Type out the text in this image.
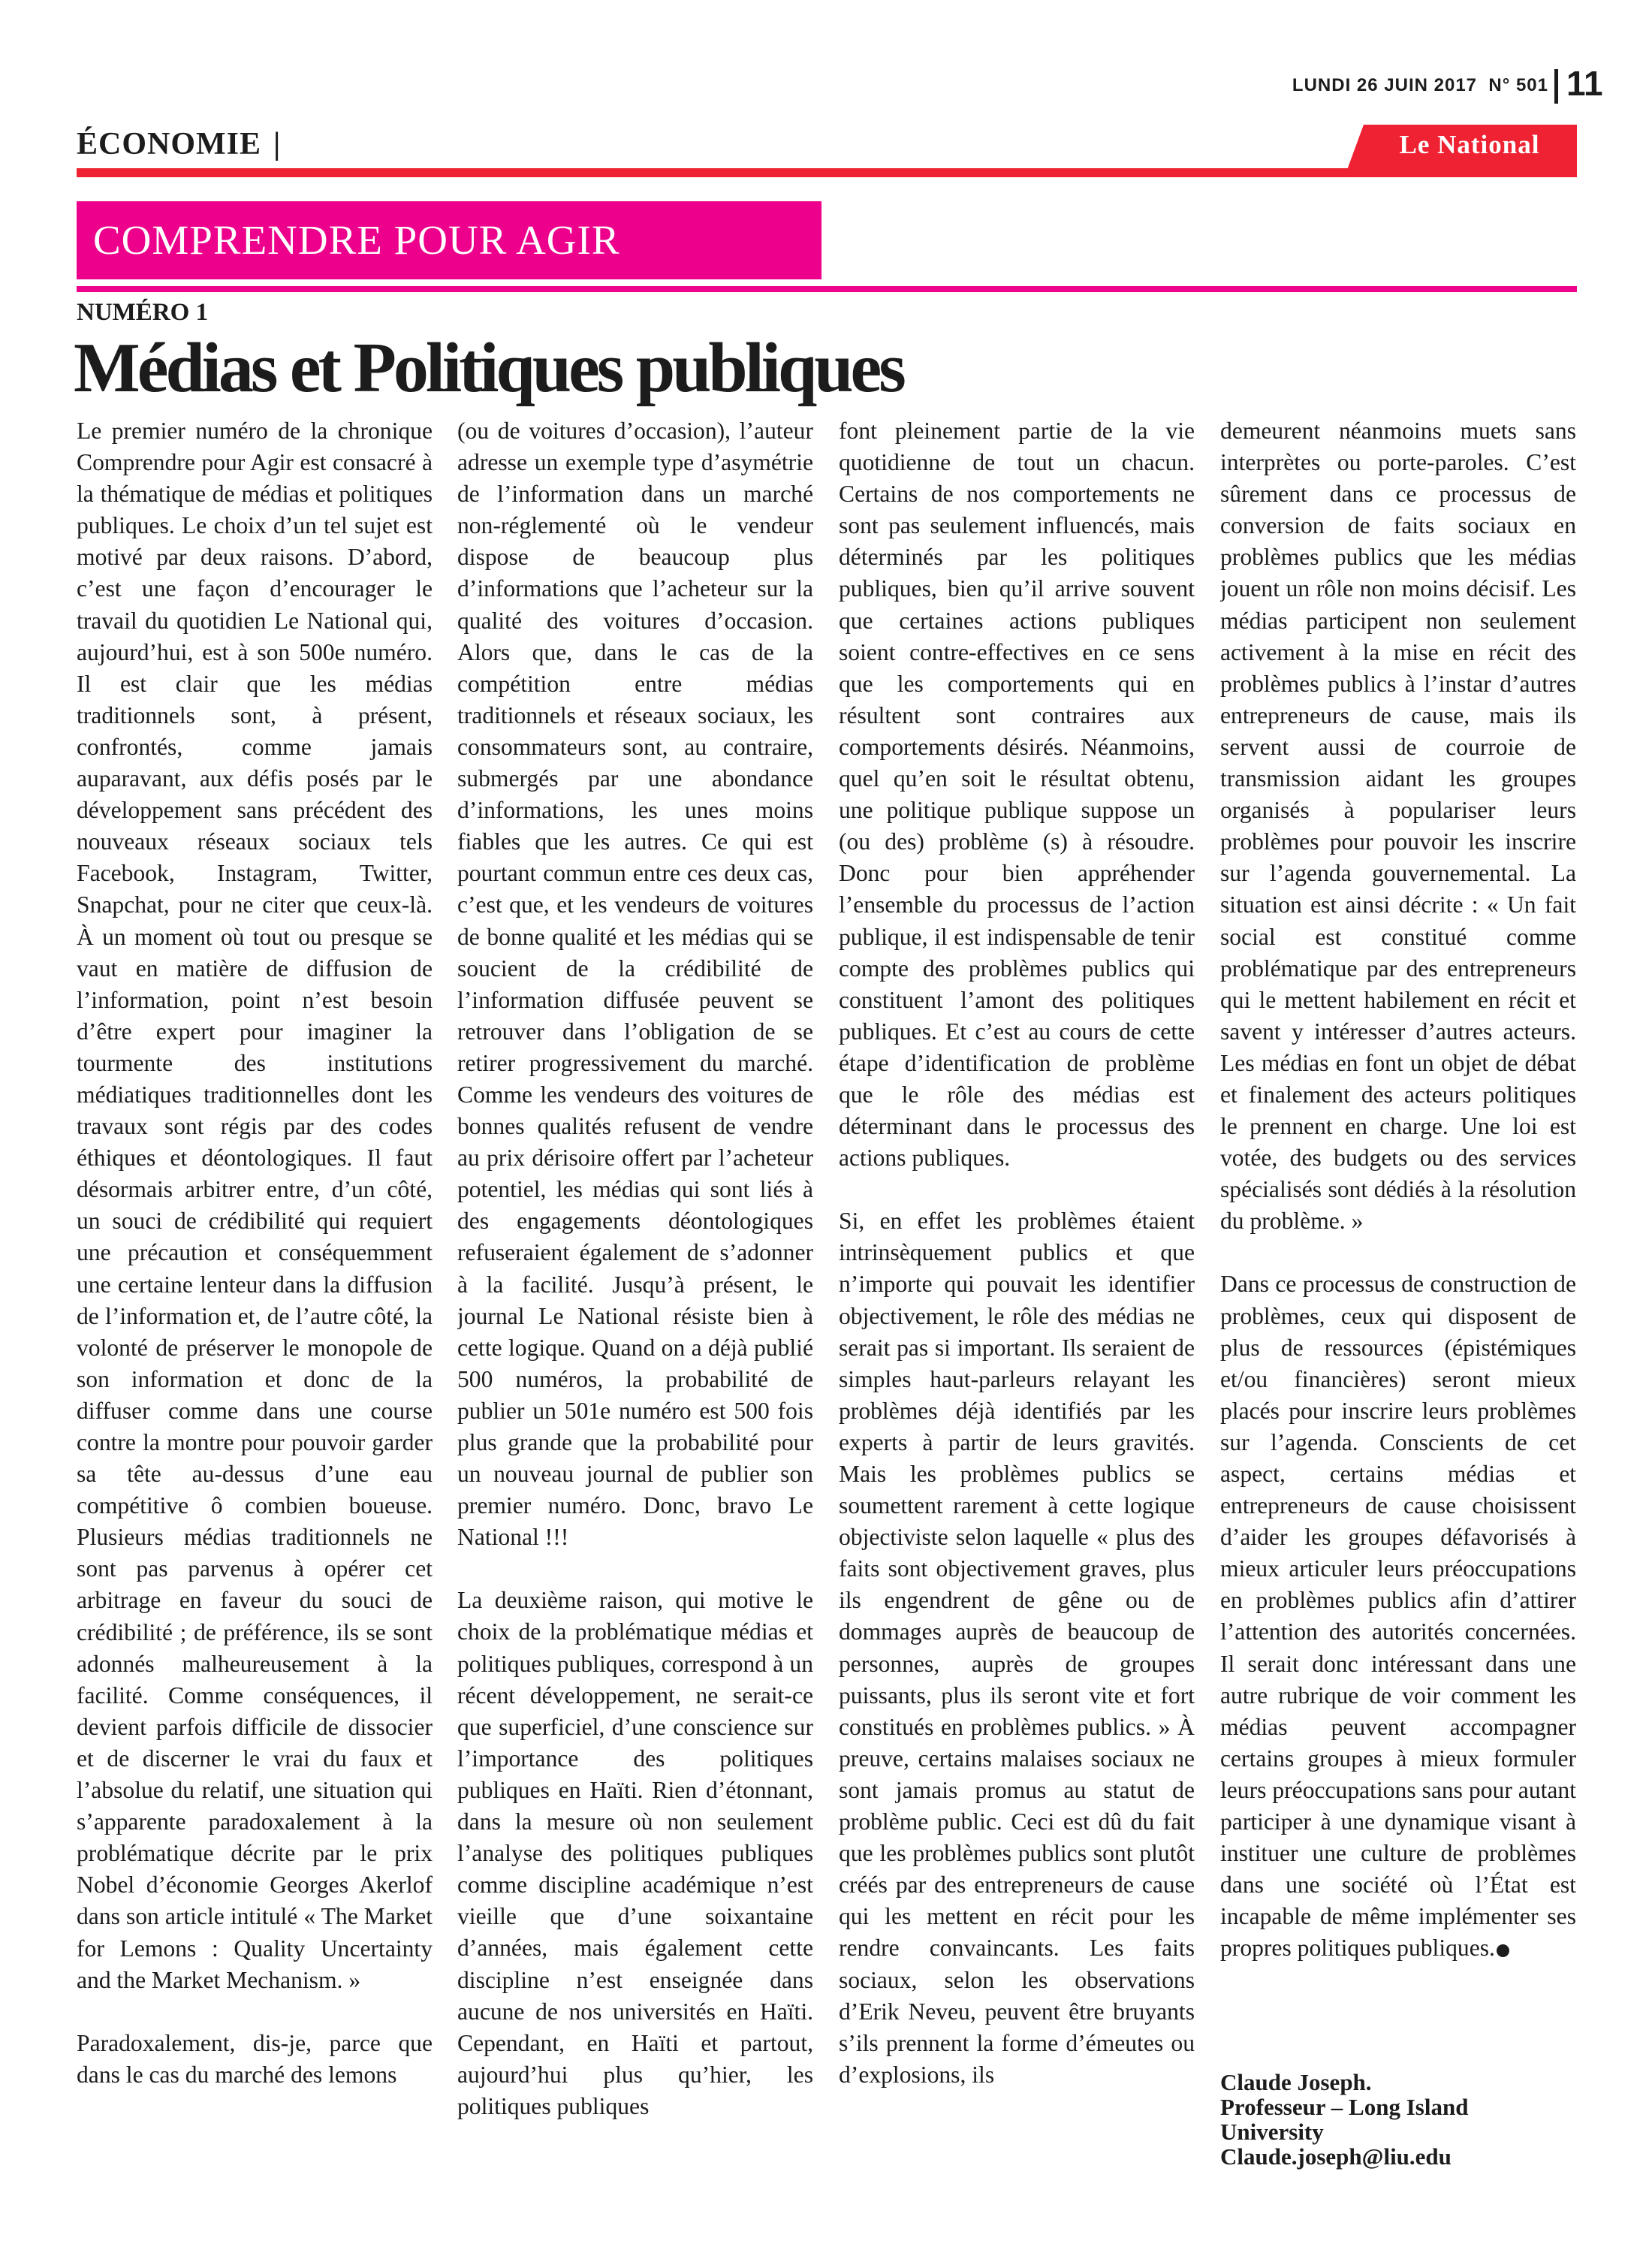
LUNDI 26 JUIN 2017 N° 501 11
ÉCONOMIE |	Le National
COMPRENDRE POUR AGIR
NUMÉRO 1
Médias et Politiques publiques

Le premier numéro de la chronique Comprendre pour Agir est consacré à la thématique de médias et politiques publiques. Le choix d’un tel sujet est motivé par deux raisons. D’abord, c’est une façon d’encourager le travail du quotidien Le National qui, aujourd’hui, est à son 500e numéro. Il est clair que les médias traditionnels sont, à présent, confrontés, comme jamais auparavant, aux défis posés par le développement sans précédent des nouveaux réseaux sociaux tels Facebook, Instagram, Twitter, Snapchat, pour ne citer que ceux-là. À un moment où tout ou presque se vaut en matière de diffusion de l’information, point n’est besoin d’être expert pour imaginer la tourmente des institutions médiatiques traditionnelles dont les travaux sont régis par des codes éthiques et déontologiques. Il faut désormais arbitrer entre, d’un côté, un souci de crédibilité qui requiert une précaution et conséquemment une certaine lenteur dans la diffusion de l’information et, de l’autre côté, la volonté de préserver le monopole de son information et donc de la diffuser comme dans une course contre la montre pour pouvoir garder sa tête au-dessus d’une eau compétitive ô combien boueuse. Plusieurs médias traditionnels ne sont pas parvenus à opérer cet arbitrage en faveur du souci de crédibilité ; de préférence, ils se sont adonnés malheureusement à la facilité. Comme conséquences, il devient parfois difficile de dissocier et de discerner le vrai du faux et l’absolue du relatif, une situation qui s’apparente paradoxalement à la problématique décrite par le prix Nobel d’économie Georges Akerlof dans son article intitulé « The Market for Lemons : Quality Uncertainty and the Market Mechanism. »

Paradoxalement, dis-je, parce que dans le cas du marché des lemons

(ou de voitures d’occasion), l’auteur adresse un exemple type d’asymétrie de l’information dans un marché non-réglementé où le vendeur dispose de beaucoup plus d’informations que l’acheteur sur la qualité des voitures d’occasion. Alors que, dans le cas de la compétition entre médias traditionnels et réseaux sociaux, les consommateurs sont, au contraire, submergés par une abondance d’informations, les unes moins fiables que les autres. Ce qui est pourtant commun entre ces deux cas, c’est que, et les vendeurs de voitures de bonne qualité et les médias qui se soucient de la crédibilité de l’information diffusée peuvent se retrouver dans l’obligation de se retirer progressivement du marché. Comme les vendeurs des voitures de bonnes qualités refusent de vendre au prix dérisoire offert par l’acheteur potentiel, les médias qui sont liés à des engagements déontologiques refuseraient également de s’adonner à la facilité. Jusqu’à présent, le journal Le National résiste bien à cette logique. Quand on a déjà publié 500 numéros, la probabilité de publier un 501e numéro est 500 fois plus grande que la probabilité pour un nouveau journal de publier son premier numéro. Donc, bravo Le National !!!

La deuxième raison, qui motive le choix de la problématique médias et politiques publiques, correspond à un récent développement, ne serait-ce que superficiel, d’une conscience sur l’importance des politiques publiques en Haïti. Rien d’étonnant, dans la mesure où non seulement l’analyse des politiques publiques comme discipline académique n’est vieille que d’une soixantaine d’années, mais également cette discipline n’est enseignée dans aucune de nos universités en Haïti. Cependant, en Haïti et partout, aujourd’hui plus qu’hier, les politiques publiques

font pleinement partie de la vie quotidienne de tout un chacun. Certains de nos comportements ne sont pas seulement influencés, mais déterminés par les politiques publiques, bien qu’il arrive souvent que certaines actions publiques soient contre-effectives en ce sens que les comportements qui en résultent sont contraires aux comportements désirés. Néanmoins, quel qu’en soit le résultat obtenu, une politique publique suppose un (ou des) problème (s) à résoudre. Donc pour bien appréhender l’ensemble du processus de l’action publique, il est indispensable de tenir compte des problèmes publics qui constituent l’amont des politiques publiques. Et c’est au cours de cette étape d’identification de problème que le rôle des médias est déterminant dans le processus des actions publiques.

Si, en effet les problèmes étaient intrinsèquement publics et que n’importe qui pouvait les identifier objectivement, le rôle des médias ne serait pas si important. Ils seraient de simples haut-parleurs relayant les problèmes déjà identifiés par les experts à partir de leurs gravités. Mais les problèmes publics se soumettent rarement à cette logique objectiviste selon laquelle « plus des faits sont objectivement graves, plus ils engendrent de gêne ou de dommages auprès de beaucoup de personnes, auprès de groupes puissants, plus ils seront vite et fort constitués en problèmes publics. » À preuve, certains malaises sociaux ne sont jamais promus au statut de problème public. Ceci est dû du fait que les problèmes publics sont plutôt créés par des entrepreneurs de cause qui les mettent en récit pour les rendre convaincants. Les faits sociaux, selon les observations d’Erik Neveu, peuvent être bruyants s’ils prennent la forme d’émeutes ou d’explosions, ils

demeurent néanmoins muets sans interprètes ou porte-paroles. C’est sûrement dans ce processus de conversion de faits sociaux en problèmes publics que les médias jouent un rôle non moins décisif. Les médias participent non seulement activement à la mise en récit des problèmes publics à l’instar d’autres entrepreneurs de cause, mais ils servent aussi de courroie de transmission aidant les groupes organisés à populariser leurs problèmes pour pouvoir les inscrire sur l’agenda gouvernemental. La situation est ainsi décrite : « Un fait social est constitué comme problématique par des entrepreneurs qui le mettent habilement en récit et savent y intéresser d’autres acteurs. Les médias en font un objet de débat et finalement des acteurs politiques le prennent en charge. Une loi est votée, des budgets ou des services spécialisés sont dédiés à la résolution du problème. »

Dans ce processus de construction de problèmes, ceux qui disposent de plus de ressources (épistémiques et/ou financières) seront mieux placés pour inscrire leurs problèmes sur l’agenda. Conscients de cet aspect, certains médias et entrepreneurs de cause choisissent d’aider les groupes défavorisés à mieux articuler leurs préoccupations en problèmes publics afin d’attirer l’attention des autorités concernées. Il serait donc intéressant dans une autre rubrique de voir comment les médias peuvent accompagner certains groupes à mieux formuler leurs préoccupations sans pour autant participer à une dynamique visant à instituer une culture de problèmes dans une société où l’État est incapable de même implémenter ses propres politiques publiques.

Claude Joseph.
Professeur – Long Island University
Claude.joseph@liu.edu
